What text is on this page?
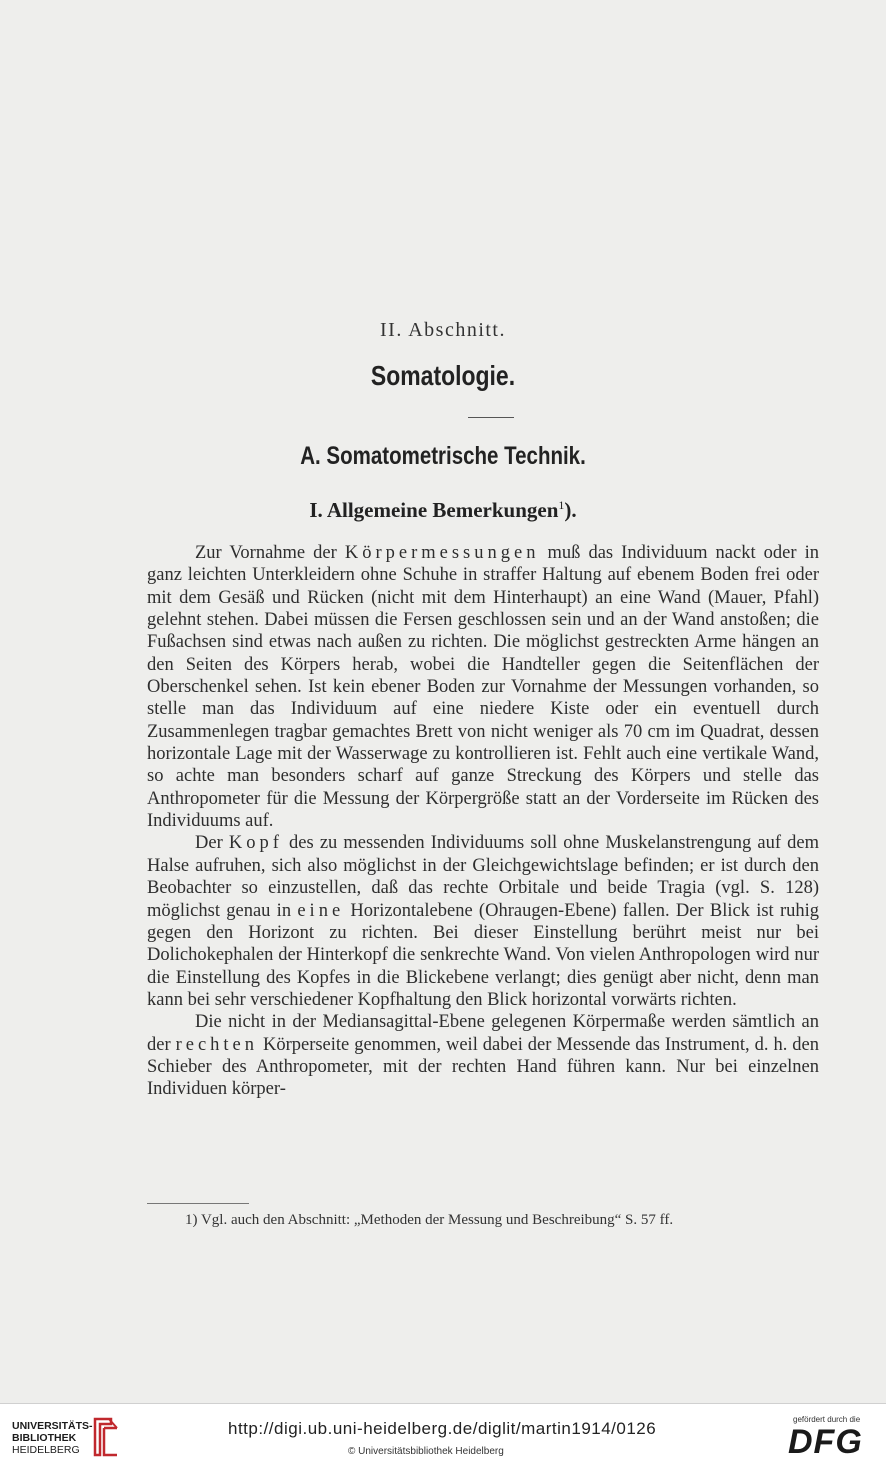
II. Abschnitt.
Somatologie.
A. Somatometrische Technik.
I. Allgemeine Bemerkungen$^1$).

Zur Vornahme der Körpermessungen muß das Individuum nackt oder in ganz leichten Unterkleidern ohne Schuhe in straffer Haltung auf ebenem Boden frei oder mit dem Gesäß und Rücken (nicht mit dem Hinterhaupt) an eine Wand (Mauer, Pfahl) gelehnt stehen. Dabei müssen die Fersen geschlossen sein und an der Wand anstoßen; die Fußachsen sind etwas nach außen zu richten. Die möglichst gestreckten Arme hängen an den Seiten des Körpers herab, wobei die Handteller gegen die Seitenflächen der Oberschenkel sehen. Ist kein ebener Boden zur Vornahme der Messungen vorhanden, so stelle man das Individuum auf eine niedere Kiste oder ein eventuell durch Zusammenlegen tragbar gemachtes Brett von nicht weniger als 70 cm im Quadrat, dessen horizontale Lage mit der Wasserwage zu kontrollieren ist. Fehlt auch eine vertikale Wand, so achte man besonders scharf auf ganze Streckung des Körpers und stelle das Anthropometer für die Messung der Körpergröße statt an der Vorderseite im Rücken des Individuums auf.

Der Kopf des zu messenden Individuums soll ohne Muskelanstrengung auf dem Halse aufruhen, sich also möglichst in der Gleichgewichtslage befinden; er ist durch den Beobachter so einzustellen, daß das rechte Orbitale und beide Tragia (vgl. S. 128) möglichst genau in eine Horizontalebene (Ohraugen-Ebene) fallen. Der Blick ist ruhig gegen den Horizont zu richten. Bei dieser Einstellung berührt meist nur bei Dolichokephalen der Hinterkopf die senkrechte Wand. Von vielen Anthropologen wird nur die Einstellung des Kopfes in die Blickebene verlangt; dies genügt aber nicht, denn man kann bei sehr verschiedener Kopfhaltung den Blick horizontal vorwärts richten.

Die nicht in der Mediansagittal-Ebene gelegenen Körpermaße werden sämtlich an der rechten Körperseite genommen, weil dabei der Messende das Instrument, d. h. den Schieber des Anthropometer, mit der rechten Hand führen kann. Nur bei einzelnen Individuen körper-

1) Vgl. auch den Abschnitt: „Methoden der Messung und Beschreibung“ S. 57 ff.
UNIVERSITÄTS-
BIBLIOTHEK
HEIDELBERG
http://digi.ub.uni-heidelberg.de/diglit/martin1914/0126
© Universitätsbibliothek Heidelberg
gefördert durch die
DFG
